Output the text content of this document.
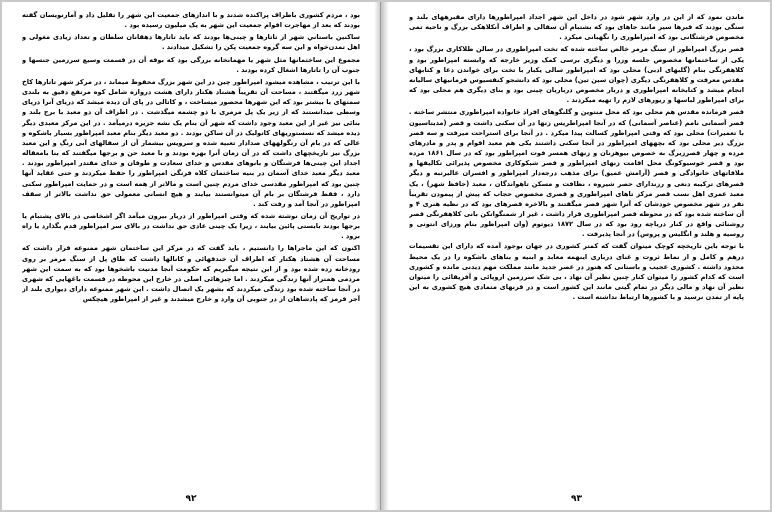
بود ، مردم کشوری باطراف پراکنده شدند و با اندازهای جمعیت این شهر را تقلیل داد و آمارنویسان گفته بودند که بعد از مهاجرت اقوام جمعیت این شهر به یک میلیون رسیده بود .

ساکنین باستانیِ شهر از تاتارها و چینی‌ها بودند که باید تاتارها دهقانان سلطان و تعداد زیادی مغولی و اهل تمدن‌خواه و این سه گروه جمعیت پکن را تشکیل میدادند .

مجموع این ساختمانها مثل شهر یا مهمانخانه بزرگی بود که بوقه آن در قسمت وسیع سرزمین جنسها و جنوب آن را تاتارها اشغال کرده بودند .

با این ترتیب ، مشاهده میشود امپراطور چین در این شهر بزرگ محفوظ میماند ، در مرکز شهر تاتارها کاخ شهر زرد میگفتند ، مساحت آن تقریباً هشتاد هکتار دارای هشت دروازه شامل کوه مرتفع دقیق به بلندی سمتهای با بیشتر بود که این شهرها محصور میساخت ، و کاتالی در پای آن دیده میشد که دریای آنرا دریای وسطی میدانستند که از زیر یک پل مرمری با دو چشمه میگذشت . در اطراف آن دو معبد با برج بلند و بنائی نیز غیر از این معبد وجود داشت که شهر آن بنام یک نشه جزیره درمیآمد . در این مرکز معبدی دیگر دیده میشد که نسستوریهای کاتولیک در آن ساکن بودند . دو معبد دیگر بنام معبد امپراطور بسیار باشکوه و عالی که در بام آن رنگولههای صدادار تعبیه شده و سرویس بیشمار آن از سفالهای آبی رنگ و این معبد بزرگ نیز تاریخچهای داشت که در آن زمان آنرا بهره بودند و با معبد حن و برجها میگفتند که بنا بامعقاله اجداد این چینی‌ها فرشتگان و بانوهای مقدس و خدای سعادت و طوفان و خدای مقتدر امپراطور بودند . معبد دیگر معبد خدای آسمان در بنیه ساختمان کلاه فرنگی امپراطور را حفظ میکردند و حتی عقاید آنها چنین بود که امپراطور مقدسی خدای مردم چنین است و مالاتر از همه است و در حمایت امپراطور سکنی دارد ، فقط فرشتگان بر بام آن میتوانستند بیایند و هیچ انسانی معمولی حق نداشت بالاتر از سقف امپراطور در آنجا آمد و رفت کند .

در تواریخ آن زمان نوشته شده که وقتی امپراطور از دربار بیرون میآمد اگر اشخاصی در بالای پشتبام یا برجها بودند بایستی پائین بیایند ، زیرا یک چینی عادی حق نداشت در بالای سر امپراطور قدم بگذارد یا راه برود .

اکنون که این ماجراها را دانستیم ، باید گفت که در مرکز این ساختمان شهر ممنوعه قرار داشت که مساحت آن هشتاد هکتار که اطراف آن خندقهائی و کانالها داشت که طاق پل از سنگ مرمر بر روی رودخانه زده شده بود و از این نتیجه میگیریم که حکومت آنجا مدنیت باشخوها بود که به سمت این شهر مردمی همتراز آنها زندگی میکردند . اما چیزهائی اصلی در خارج این محوطه در قسمت باغهایی که شهری در آنجا ساخته شده بود زندگی میکردند که بشهر یک اتصال داشت . این شهر ممنوعه دارای دیواری بلند از آجر قرمز که پادشاهان از در جنوبی آن وارد و خارج میشدند و غیر از امپراطور هیچکس

۹۲

ماندن نمود که از این در وارد شهر شود در داخل این شهر اجداد امپراطورها دارای مقبرههای بلند و سنگی بودند که قبرها سیر مانند جاهای بود که بشتبام آن سفالی و اطراف آنکلاهکی بزرگ و ناحیه تمی مخصوص فرشتگانی بود که امپراطوری را نگهبانی میکرد .

قصر بزرگ امپراطور از سنگ مرمر خالص ساخته شده که تخت امپراطوری در سالن طلاکاری بزرگ بود ، یکی از ساختمانها مخصوص جلسه وزرا و دیگری برسی کمک وزیر خارجه که وابسته امپراطور بود و کلاهفرنگی بنام (گلبهای ادبی) محلی بود که امپراطور سالی یکبار با تخت برای خواندن دعا و کتابهای مقدس معرفت و کلاهفرنگی دیگری (چوان سین تین) محلی بود که دانشجو کنفسیوس فرمانیهای سالیانه انجام میشد و کتابخانه امپراطوری و دربار مخصوص درباریان چینی بود و بنای دیگری هم محلی بود که برای امپراطور لباسها و ریورهای لازم را تهیه میکردند .

قصر فرمانده مقدس هم محلی بود که محل منتوین و گلنگوهای افراد خانواده امپراطوری منتشر ساخته . قصر آسمانی نامم (عناصر آسمانی) که در آنجا امپراطریس زنها در آن سکنی داشت و قصر (مدیتاسیون با تعمیرات) محلی بود که وقتی امپراطور کسالت پیدا میکرد . در آنجا برای استراحت میرفت و سه قصر بزرگ دیر محلی بود که بچههای امپراطور در آنجا سکنی داشتند یکی هم معبد اقوام و پدر و مادرهای مرده و چهار قصرزیرگ به خصوص بیوهزنان و زنهای همسر فوت امپراطور بود که در سال ۱۸۶۱ مرده بود و قصر خوسیوکونگ محل اقامت زنهای امپراطور و قصر شیکوکاری مخصوص پذیرائی تکالیفها و ملاقاتهای خانوادگی و قصر (آرامش عمیق) برای مذهب درجه‌دار امپراطور و افسران عالیرتبه و دیگر قصرهای ترکیبه دنعی و رزندارای حصر شیروه ، نظافت و مسکن تاهواندگان ، معبد (حافظ شهر) ، یک معبد عمری اهل نسب قصر مرکز تاهای امپراطوری و قصری مخصوص حجاب که پیش از پیمودن تقریباً نفر در شهر مخصوص خودشان که آنرا شهر قصر میگفتند و بالاخره قصرهای بود که در نظیه هنری ۴ و آن ساخته شده بود که در محوطه قصر امپراطوری قرار داشت ، غیر از شمنگواتکن بانی کلاهفرنگی قصر روشنائی واقع در کنار دریاچه رود بود که در سال ۱۸۷۲ دیوتوم (وان امپراطور بنام ورزای انتونی و روسیه و هلند و انگلیس و پروس) در آنجا پذیرفت .

با توجه باین تاریخچه کوچک میتوان گفت که کمتر کشوری در جهان بوجود آمده که دارای این تقسیمات درهم و کامل و از نماط ثروت و غنای درباری اینهمه معابد و ابنیه و بناهای باشکوه را در یک محیط محدود داشته . کشوری عجیب و باستانی که هنوز در عصر جدید مانند مملکت مهم دیدنی مانده و کشوری است که کدام کشور را میتوان کنار چنین نظیر آن نهاد ، بی شک سرزمین اروپائی و آفریقائی را میتوان نظیر آن نهاد و مالی دیگر در تمام گیتی مانند این کشور است و در قرنهای متمادی هیچ کشوری به این پایه از تمدن نرسید و با کشورها ارتباط نداشته است .

۹۳
